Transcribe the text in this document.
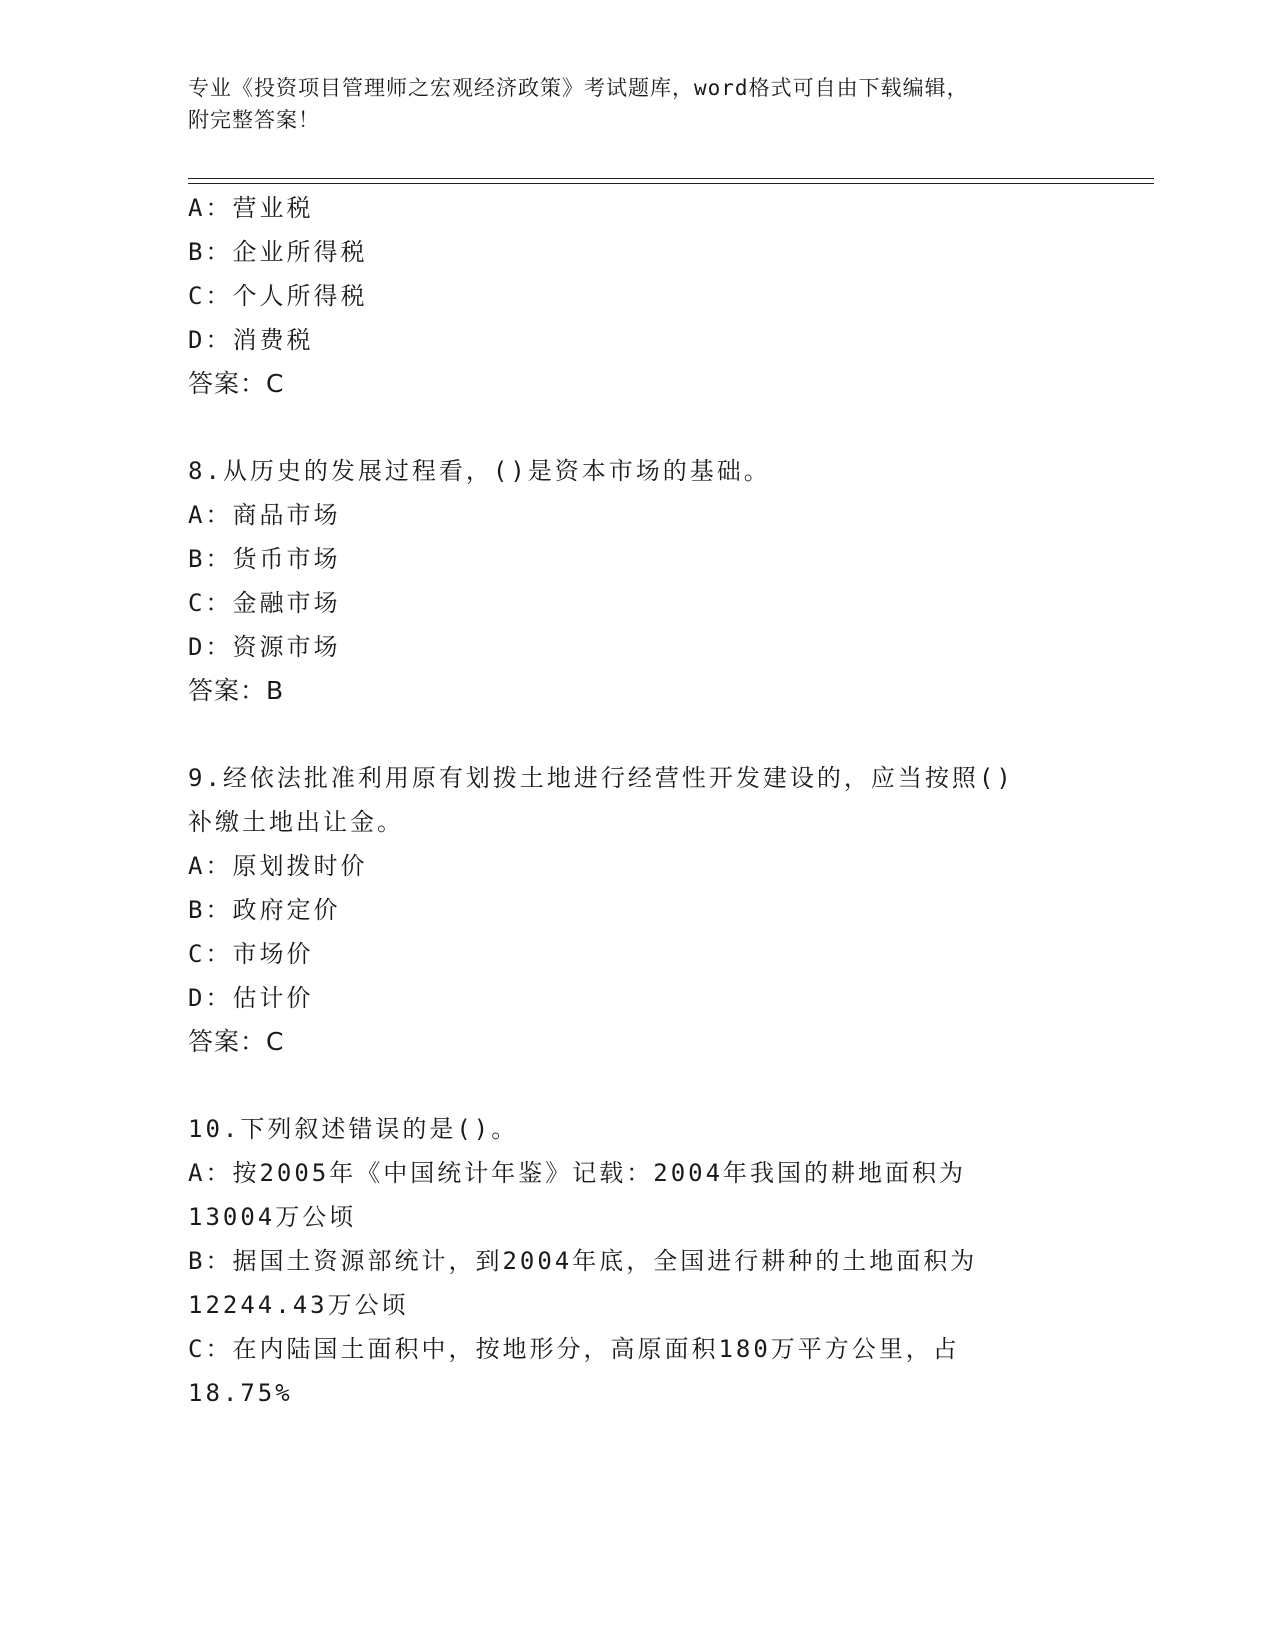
专业《投资项目管理师之宏观经济政策》考试题库，word格式可自由下载编辑，
附完整答案！
A：营业税
B：企业所得税
C：个人所得税
D：消费税
答案：C
8.从历史的发展过程看，()是资本市场的基础。
A：商品市场
B：货币市场
C：金融市场
D：资源市场
答案：B
9.经依法批准利用原有划拨土地进行经营性开发建设的，应当按照()
补缴土地出让金。
A：原划拨时价
B：政府定价
C：市场价
D：估计价
答案：C
10.下列叙述错误的是()。
A：按2005年《中国统计年鉴》记载：2004年我国的耕地面积为
13004万公顷
B：据国土资源部统计，到2004年底，全国进行耕种的土地面积为
12244.43万公顷
C：在内陆国土面积中，按地形分，高原面积180万平方公里，占
18.75%
